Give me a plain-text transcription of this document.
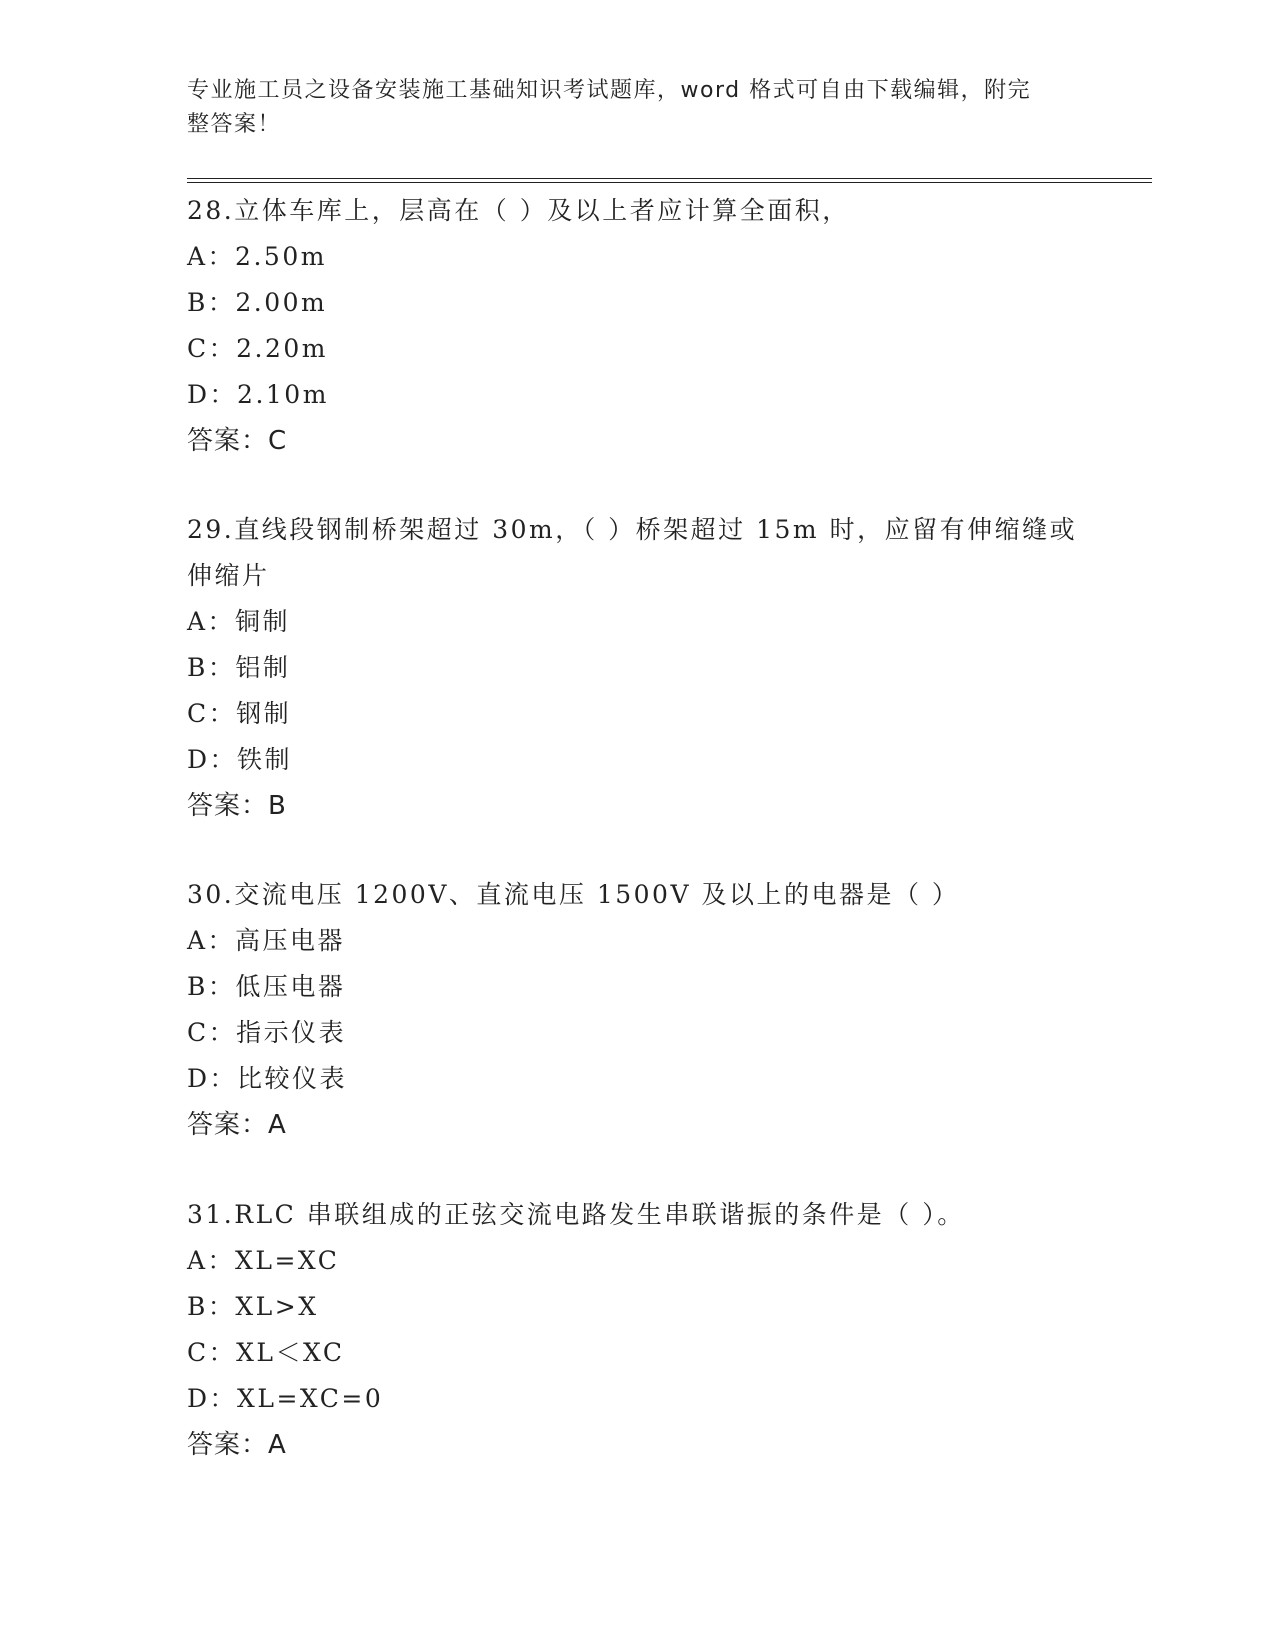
专业施工员之设备安装施工基础知识考试题库，word 格式可自由下载编辑，附完
整答案！

28.立体车库上，层高在（ ）及以上者应计算全面积，

A：2.50m

B：2.00m

C：2.20m

D：2.10m

答案：C

29.直线段钢制桥架超过 30m，（ ）桥架超过 15m 时，应留有伸缩缝或

伸缩片

A：铜制

B：铝制

C：钢制

D：铁制

答案：B

30.交流电压 1200V、直流电压 1500V 及以上的电器是（ ）

A：高压电器

B：低压电器

C：指示仪表

D：比较仪表

答案：A

31.RLC 串联组成的正弦交流电路发生串联谐振的条件是（ ）。

A：XL=XC

B：XL>X

C：XL＜XC

D：XL=XC=0

答案：A
